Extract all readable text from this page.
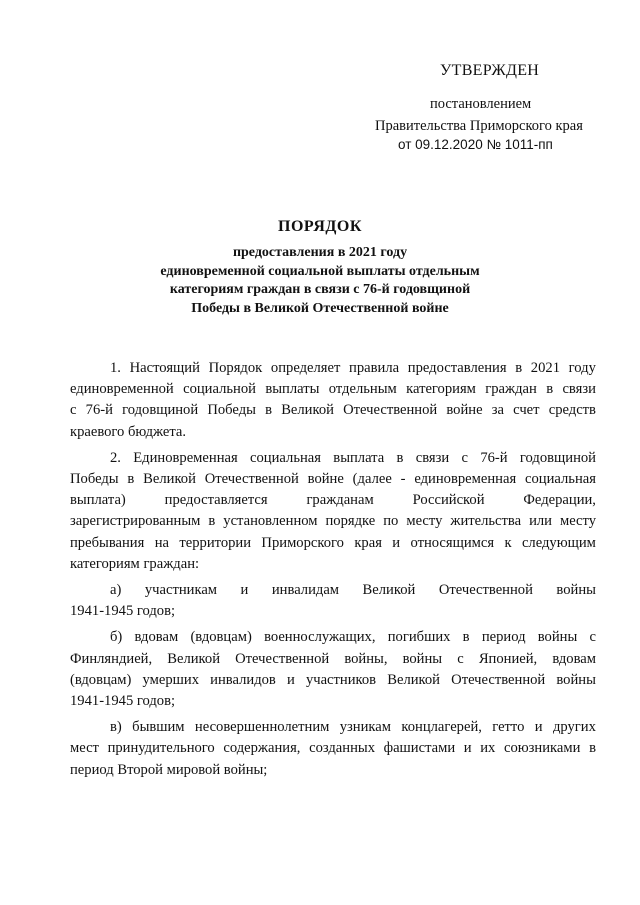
УТВЕРЖДЕН
постановлением
Правительства Приморского края
от 09.12.2020 № 1011-пп
ПОРЯДОК
предоставления в 2021 году
единовременной социальной выплаты отдельным
категориям граждан в связи с 76-й годовщиной
Победы в Великой Отечественной войне
1. Настоящий Порядок определяет правила предоставления в 2021 году
единовременной социальной выплаты отдельным категориям граждан в связи
с 76-й годовщиной Победы в Великой Отечественной войне за счет средств
краевого бюджета.
2. Единовременная социальная выплата в связи с 76-й годовщиной
Победы в Великой Отечественной войне (далее - единовременная социальная
выплата)	предоставляется	гражданам	Российской	Федерации,
зарегистрированным в установленном порядке по месту жительства или месту
пребывания на территории Приморского края и относящимся к следующим
категориям граждан:
а) участникам и инвалидам Великой Отечественной войны
1941-1945 годов;
б) вдовам (вдовцам) военнослужащих, погибших в период войны с
Финляндией, Великой Отечественной войны, войны с Японией, вдовам
(вдовцам) умерших инвалидов и участников Великой Отечественной войны
1941-1945 годов;
в) бывшим несовершеннолетним узникам концлагерей, гетто и других
мест принудительного содержания, созданных фашистами и их союзниками в
период Второй мировой войны;
